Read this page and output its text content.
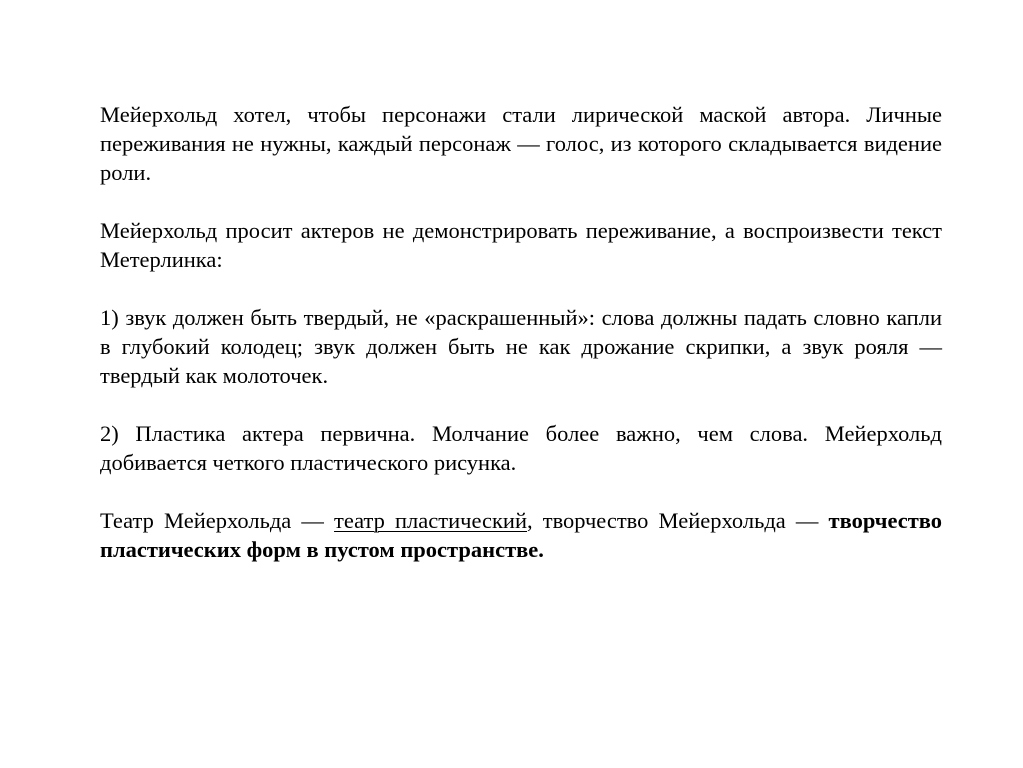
Мейерхольд хотел, чтобы персонажи стали лирической маской автора. Личные переживания не нужны, каждый персонаж — голос, из которого складывается видение роли.

Мейерхольд просит актеров не демонстрировать переживание, а воспроизвести текст Метерлинка:

1) звук должен быть твердый, не «раскрашенный»: слова должны падать словно капли в глубокий колодец; звук должен быть не как дрожание скрипки, а звук рояля — твердый как молоточек.

2) Пластика актера первична. Молчание более важно, чем слова. Мейерхольд добивается четкого пластического рисунка.

Театр Мейерхольда — театр пластический, творчество Мейерхольда — творчество пластических форм в пустом пространстве.
